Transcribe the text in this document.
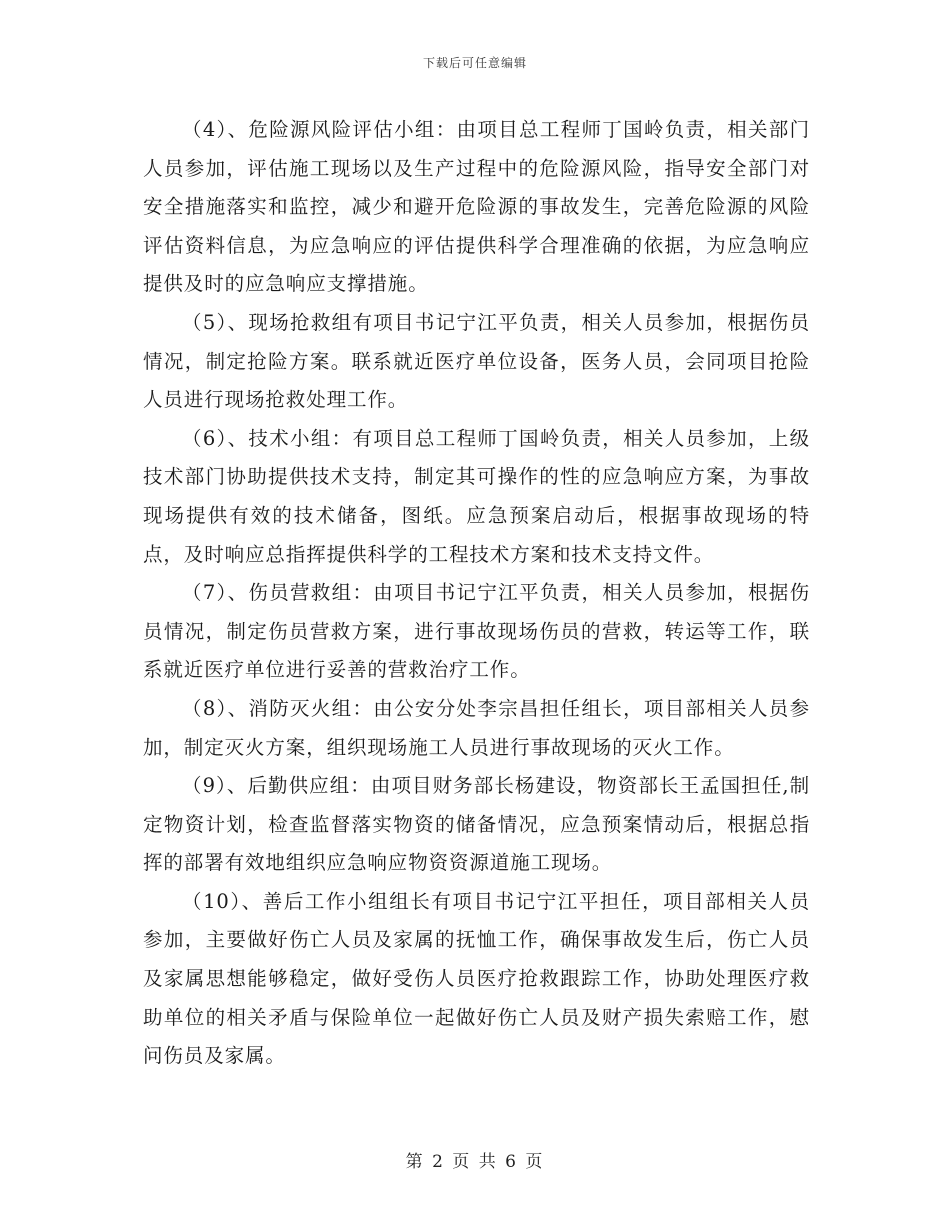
下载后可任意编辑

（4）、危险源风险评估小组：由项目总工程师丁国岭负责，相关部门人员参加，评估施工现场以及生产过程中的危险源风险，指导安全部门对安全措施落实和监控，减少和避开危险源的事故发生，完善危险源的风险评估资料信息，为应急响应的评估提供科学合理准确的依据，为应急响应提供及时的应急响应支撑措施。

（5）、现场抢救组有项目书记宁江平负责，相关人员参加，根据伤员情况，制定抢险方案。联系就近医疗单位设备，医务人员，会同项目抢险人员进行现场抢救处理工作。

（6）、技术小组：有项目总工程师丁国岭负责，相关人员参加，上级技术部门协助提供技术支持，制定其可操作的性的应急响应方案，为事故现场提供有效的技术储备，图纸。应急预案启动后，根据事故现场的特点，及时响应总指挥提供科学的工程技术方案和技术支持文件。

（7）、伤员营救组：由项目书记宁江平负责，相关人员参加，根据伤员情况，制定伤员营救方案，进行事故现场伤员的营救，转运等工作，联系就近医疗单位进行妥善的营救治疗工作。

（8）、消防灭火组：由公安分处李宗昌担任组长，项目部相关人员参加，制定灭火方案，组织现场施工人员进行事故现场的灭火工作。

（9）、后勤供应组：由项目财务部长杨建设，物资部长王孟国担任,制定物资计划，检查监督落实物资的储备情况，应急预案情动后，根据总指挥的部署有效地组织应急响应物资资源道施工现场。

（10）、善后工作小组组长有项目书记宁江平担任，项目部相关人员参加，主要做好伤亡人员及家属的抚恤工作，确保事故发生后，伤亡人员及家属思想能够稳定，做好受伤人员医疗抢救跟踪工作，协助处理医疗救助单位的相关矛盾与保险单位一起做好伤亡人员及财产损失索赔工作，慰问伤员及家属。

第 2 页 共 6 页
